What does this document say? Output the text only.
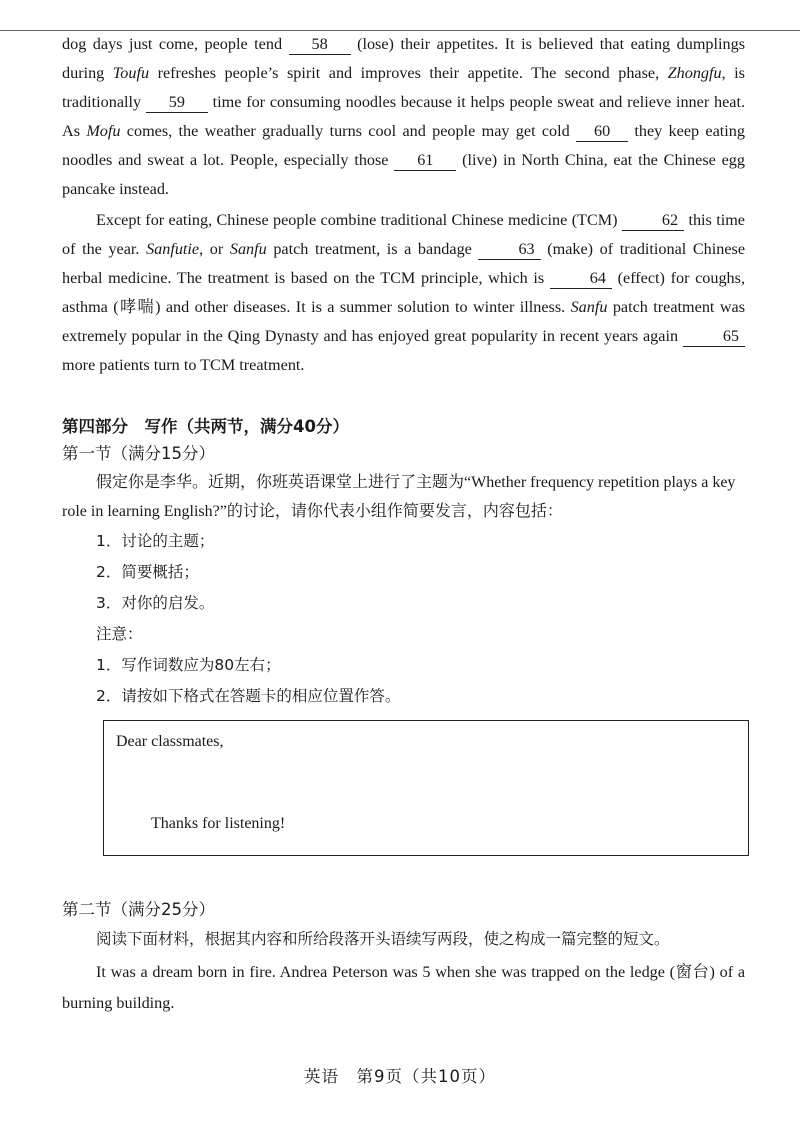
dog days just come, people tend 58 (lose) their appetites. It is believed that eating dumplings during Toufu refreshes people’s spirit and improves their appetite. The second phase, Zhongfu, is traditionally 59 time for consuming noodles because it helps people sweat and relieve inner heat. As Mofu comes, the weather gradually turns cool and people may get cold 60 they keep eating noodles and sweat a lot. People, especially those 61 (live) in North China, eat the Chinese egg pancake instead.

Except for eating, Chinese people combine traditional Chinese medicine (TCM) 62 this time of the year. Sanfutie, or Sanfu patch treatment, is a bandage 63 (make) of traditional Chinese herbal medicine. The treatment is based on the TCM principle, which is 64 (effect) for coughs, asthma (哮喘) and other diseases. It is a summer solution to winter illness. Sanfu patch treatment was extremely popular in the Qing Dynasty and has enjoyed great popularity in recent years again 65 more patients turn to TCM treatment.

第四部分　写作（共两节，满分40分）

第一节（满分15分）

假定你是李华。近期，你班英语课堂上进行了主题为“Whether frequency repetition plays a key role in learning English?”的讨论，请你代表小组作简要发言，内容包括：

1．讨论的主题；

2．简要概括；

3．对你的启发。

注意：

1．写作词数应为80左右；

2．请按如下格式在答题卡的相应位置作答。

Dear classmates,
Thanks for listening!

第二节（满分25分）

阅读下面材料，根据其内容和所给段落开头语续写两段，使之构成一篇完整的短文。

It was a dream born in fire. Andrea Peterson was 5 when she was trapped on the ledge (窗台) of a burning building.

英语　第9页（共10页）
